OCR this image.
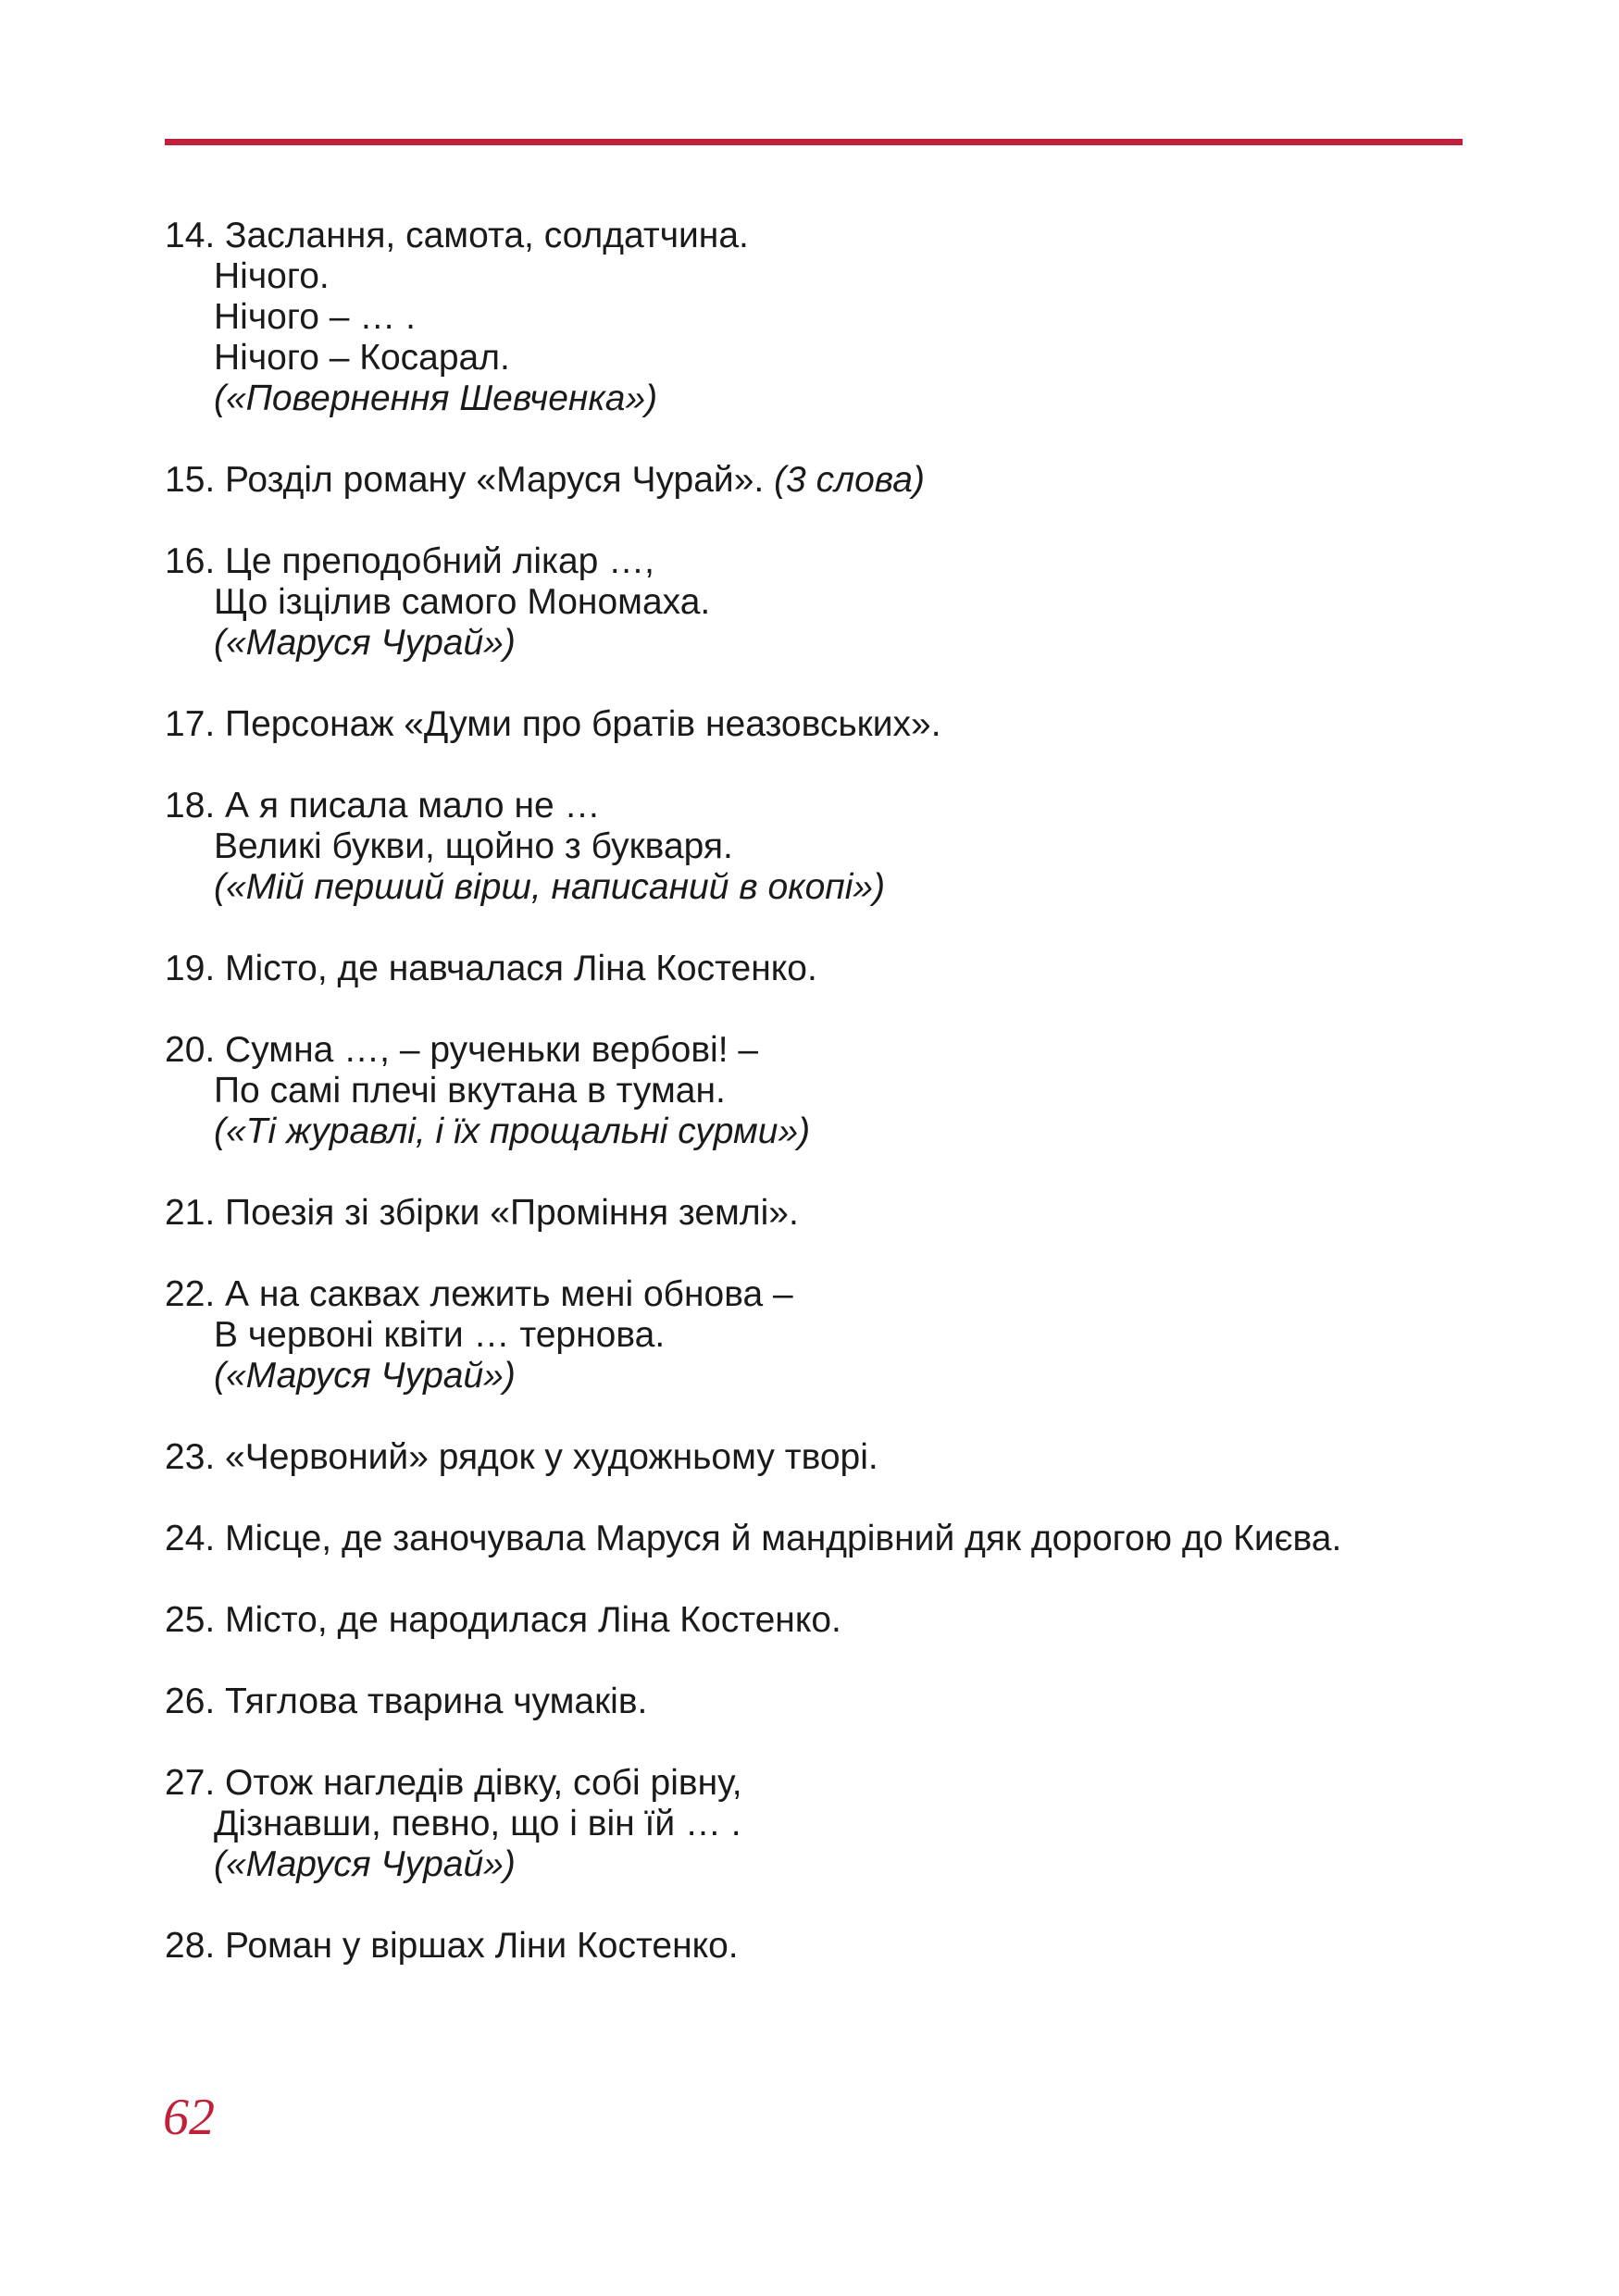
14. Заслання, самота, солдатчина.
Нічого.
Нічого – … .
Нічого – Косарал.
(«Повернення Шевченка»)
15. Розділ роману «Маруся Чурай». (3 слова)
16. Це преподобний лікар …,
Що ізцілив самого Мономаха.
(«Маруся Чурай»)
17. Персонаж «Думи про братів неазовських».
18. А я писала мало не …
Великі букви, щойно з букваря.
(«Мій перший вірш, написаний в окопі»)
19. Місто, де навчалася Ліна Костенко.
20. Сумна …, – рученьки вербові! –
По самі плечі вкутана в туман.
(«Ті журавлі, і їх прощальні сурми»)
21. Поезія зі збірки «Проміння землі».
22. А на саквах лежить мені обнова –
В червоні квіти … тернова.
(«Маруся Чурай»)
23. «Червоний» рядок у художньому творі.
24. Місце, де заночувала Маруся й мандрівний дяк дорогою до Києва.
25. Місто, де народилася Ліна Костенко.
26. Тяглова тварина чумаків.
27. Отож нагледів дівку, собі рівну,
Дізнавши, певно, що і він їй … .
(«Маруся Чурай»)
28. Роман у віршах Ліни Костенко.
62
